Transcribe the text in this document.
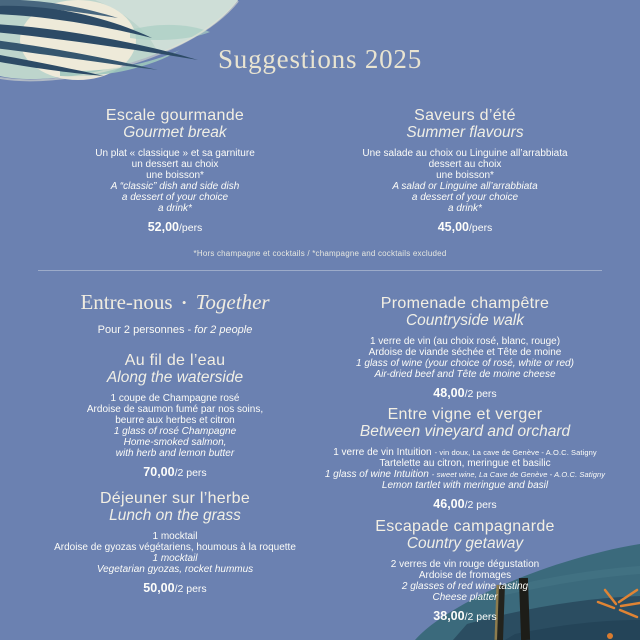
Suggestions 2025
Escale gourmande
Gourmet break
Un plat « classique » et sa garniture
un dessert au choix
une boisson*
A “classic” dish and side dish
a dessert of your choice
a drink*
52,00/pers
Saveurs d’été
Summer flavours
Une salade au choix ou Linguine all’arrabbiata
dessert au choix
une boisson*
A salad or Linguine all’arrabbiata
a dessert of your choice
a drink*
45,00/pers
*Hors champagne et cocktails / *champagne and cocktails excluded
Entre-nous • Together
Pour 2 personnes - for 2 people
Au fil de l’eau
Along the waterside
1 coupe de Champagne rosé
Ardoise de saumon fumé par nos soins,
beurre aux herbes et citron
1 glass of rosé Champagne
Home-smoked salmon,
with herb and lemon butter
70,00/2 pers
Déjeuner sur l’herbe
Lunch on the grass
1 mocktail
Ardoise de gyozas végétariens, houmous à la roquette
1 mocktail
Vegetarian gyozas, rocket hummus
50,00/2 pers
Promenade champêtre
Countryside walk
1 verre de vin (au choix rosé, blanc, rouge)
Ardoise de viande séchée et Tête de moine
1 glass of wine (your choice of rosé, white or red)
Air-dried beef and Tête de moine cheese
48,00/2 pers
Entre vigne et verger
Between vineyard and orchard
1 verre de vin Intuition - vin doux, La cave de Genève - A.O.C. Satigny
Tartelette au citron, meringue et basilic
1 glass of wine Intuition - sweet wine, La Cave de Genève - A.O.C. Satigny
Lemon tartlet with meringue and basil
46,00/2 pers
Escapade campagnarde
Country getaway
2 verres de vin rouge dégustation
Ardoise de fromages
2 glasses of red wine tasting
Cheese platter
38,00/2 pers
